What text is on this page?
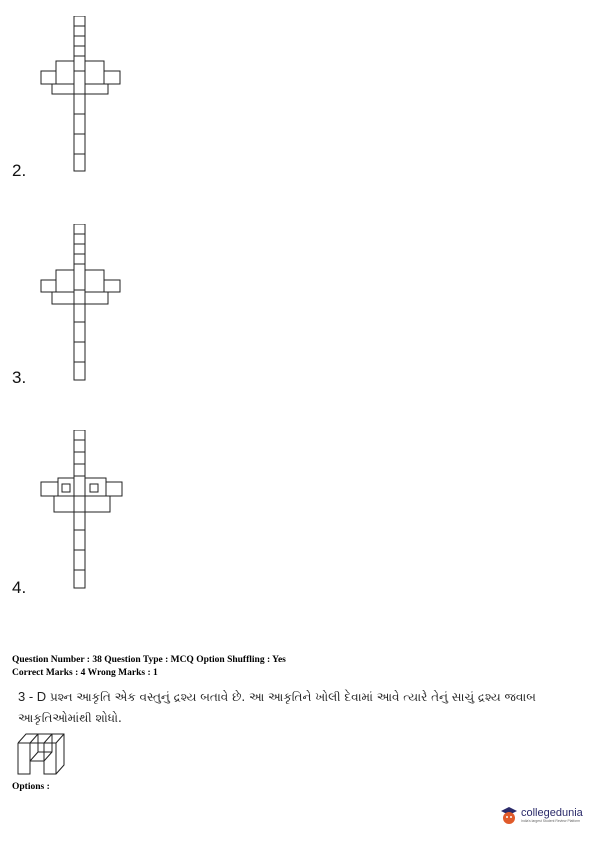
2.
3.
4.
Question Number : 38 Question Type : MCQ Option Shuffling : Yes
Correct Marks : 4 Wrong Marks : 1
3 - D પ્રશ્ન આકૃતિ એક વસ્તુનું દ્રશ્ય બતાવે છે. આ આકૃતિને ખોલી દેવામાં આવે ત્યારે તેનું સાચું દ્રશ્ય જવાબ
આકૃતિઓમાંથી શોધો.
Options :
collegedunia
India's largest Student Review Platform
